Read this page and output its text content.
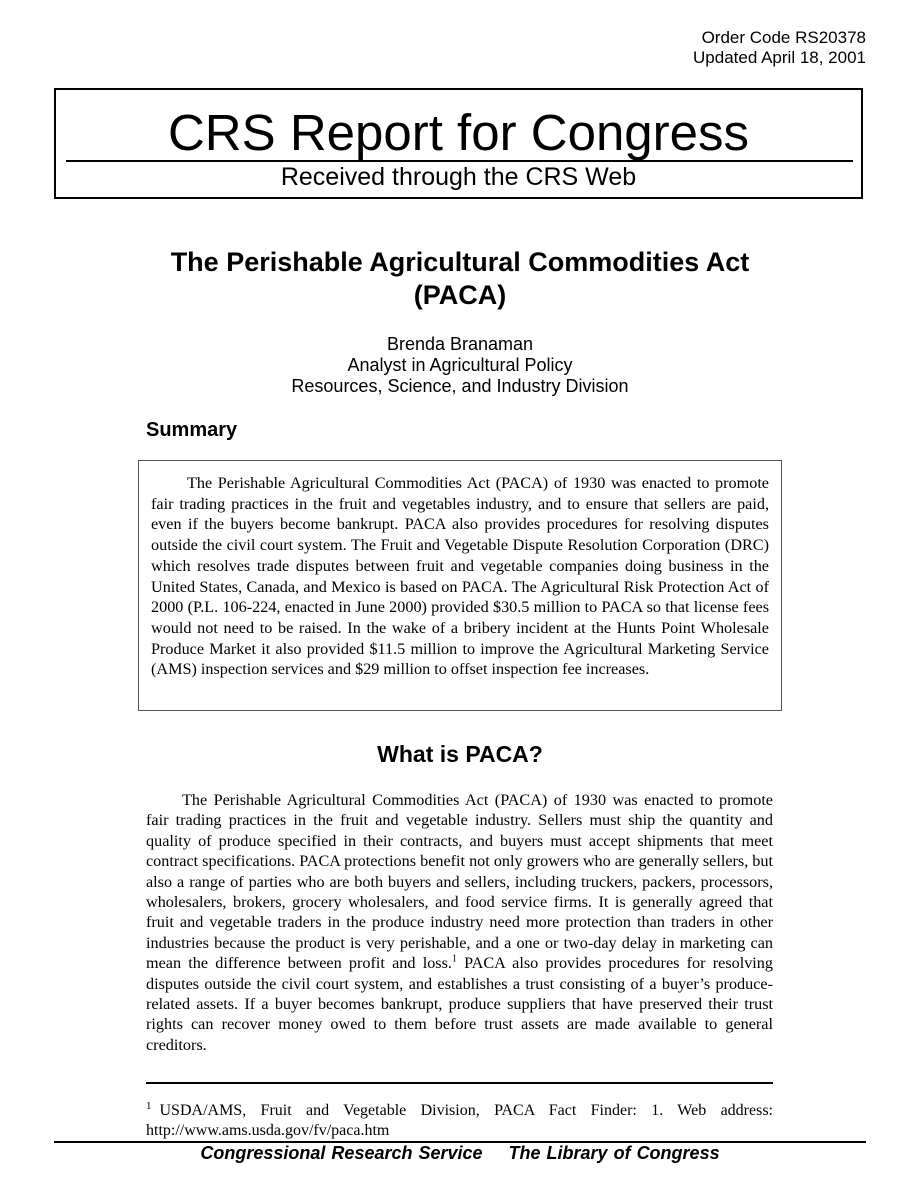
Order Code RS20378
Updated April 18, 2001
CRS Report for Congress
Received through the CRS Web
The Perishable Agricultural Commodities Act
(PACA)
Brenda Branaman
Analyst in Agricultural Policy
Resources, Science, and Industry Division
Summary

The Perishable Agricultural Commodities Act (PACA) of 1930 was enacted to promote fair trading practices in the fruit and vegetables industry, and to ensure that sellers are paid, even if the buyers become bankrupt. PACA also provides procedures for resolving disputes outside the civil court system. The Fruit and Vegetable Dispute Resolution Corporation (DRC) which resolves trade disputes between fruit and vegetable companies doing business in the United States, Canada, and Mexico is based on PACA. The Agricultural Risk Protection Act of 2000 (P.L. 106-224, enacted in June 2000) provided $30.5 million to PACA so that license fees would not need to be raised. In the wake of a bribery incident at the Hunts Point Wholesale Produce Market it also provided $11.5 million to improve the Agricultural Marketing Service (AMS) inspection services and $29 million to offset inspection fee increases.

What is PACA?

The Perishable Agricultural Commodities Act (PACA) of 1930 was enacted to promote fair trading practices in the fruit and vegetable industry. Sellers must ship the quantity and quality of produce specified in their contracts, and buyers must accept shipments that meet contract specifications. PACA protections benefit not only growers who are generally sellers, but also a range of parties who are both buyers and sellers, including truckers, packers, processors, wholesalers, brokers, grocery wholesalers, and food service firms. It is generally agreed that fruit and vegetable traders in the produce industry need more protection than traders in other industries because the product is very perishable, and a one or two-day delay in marketing can mean the difference between profit and loss.$^1$ PACA also provides procedures for resolving disputes outside the civil court system, and establishes a trust consisting of a buyer’s produce-related assets. If a buyer becomes bankrupt, produce suppliers that have preserved their trust rights can recover money owed to them before trust assets are made available to general creditors.

$^1$ USDA/AMS, Fruit and Vegetable Division, PACA Fact Finder: 1. Web address: http://www.ams.usda.gov/fv/paca.htm

Congressional Research Service The Library of Congress
